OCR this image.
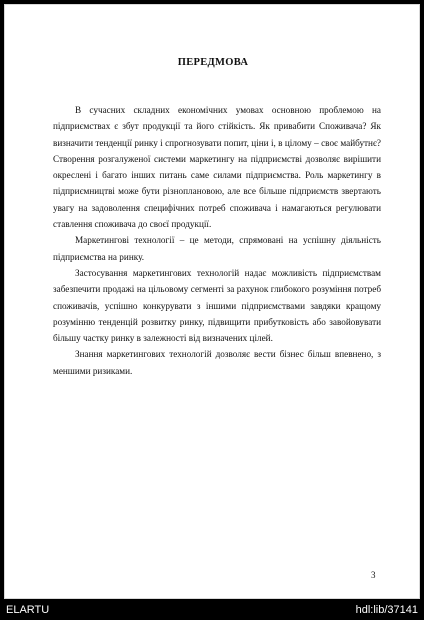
ПЕРЕДМОВА

В сучасних складних економічних умовах основною проблемою на підприємствах є збут продукції та його стійкість. Як привабити Споживача? Як визначити тенденції ринку і спрогнозувати попит, ціни і, в цілому – своє майбутнє? Створення розгалуженої системи маркетингу на підприємстві дозволяє вирішити окреслені і багато інших питань саме силами підприємства. Роль маркетингу в підприємництві може бути різноплановою, але все більше підприємств звертають увагу на задоволення специфічних потреб споживача і намагаються регулювати ставлення споживача до своєї продукції.

Маркетингові технології – це методи, спрямовані на успішну діяльність підприємства на ринку.

Застосування маркетингових технологій надає можливість підприємствам забезпечити продажі на цільовому сегменті за рахунок глибокого розуміння потреб споживачів, успішно конкурувати з іншими підприємствами завдяки кращому розумінню тенденцій розвитку ринку, підвищити прибутковість або завойовувати більшу частку ринку в залежності від визначених цілей.

Знання маркетингових технологій дозволяє вести бізнес більш впевнено, з меншими ризиками.

3
ELARTU	hdl:lib/37141
